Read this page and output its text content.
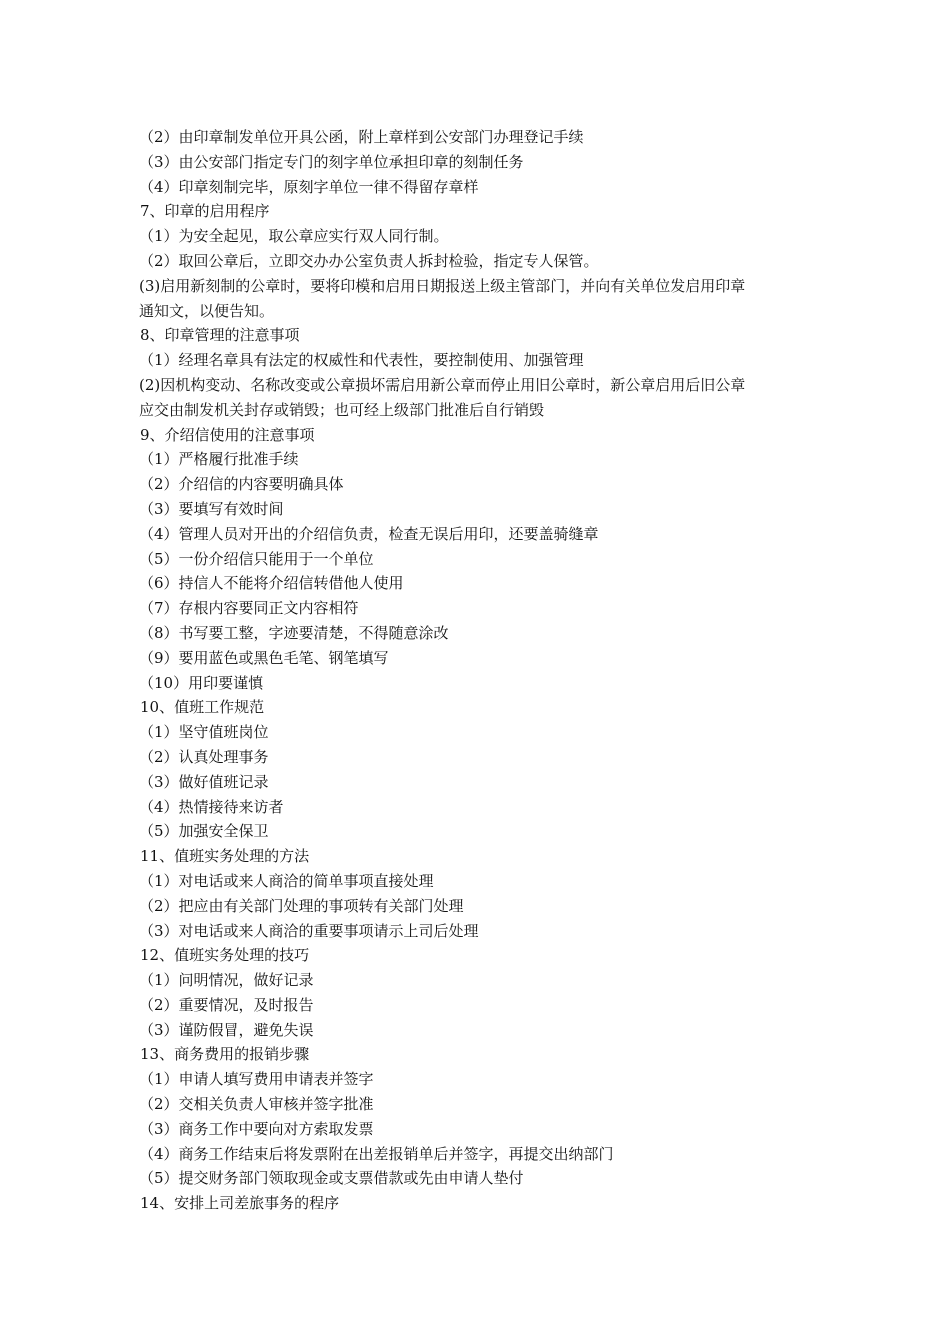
（2）由印章制发单位开具公函，附上章样到公安部门办理登记手续
（3）由公安部门指定专门的刻字单位承担印章的刻制任务
（4）印章刻制完毕，原刻字单位一律不得留存章样
7、印章的启用程序
（1）为安全起见，取公章应实行双人同行制。
（2）取回公章后，立即交办办公室负责人拆封检验，指定专人保管。
(3)启用新刻制的公章时，要将印模和启用日期报送上级主管部门，并向有关单位发启用印章
通知文，以便告知。
8、印章管理的注意事项
（1）经理名章具有法定的权威性和代表性，要控制使用、加强管理
(2)因机构变动、名称改变或公章损坏需启用新公章而停止用旧公章时，新公章启用后旧公章
应交由制发机关封存或销毁；也可经上级部门批准后自行销毁
9、介绍信使用的注意事项
（1）严格履行批准手续
（2）介绍信的内容要明确具体
（3）要填写有效时间
（4）管理人员对开出的介绍信负责，检查无误后用印，还要盖骑缝章
（5）一份介绍信只能用于一个单位
（6）持信人不能将介绍信转借他人使用
（7）存根内容要同正文内容相符
（8）书写要工整，字迹要清楚，不得随意涂改
（9）要用蓝色或黑色毛笔、钢笔填写
（10）用印要谨慎
10、值班工作规范
（1）坚守值班岗位
（2）认真处理事务
（3）做好值班记录
（4）热情接待来访者
（5）加强安全保卫
11、值班实务处理的方法
（1）对电话或来人商洽的简单事项直接处理
（2）把应由有关部门处理的事项转有关部门处理
（3）对电话或来人商洽的重要事项请示上司后处理
12、值班实务处理的技巧
（1）问明情况，做好记录
（2）重要情况，及时报告
（3）谨防假冒，避免失误
13、商务费用的报销步骤
（1）申请人填写费用申请表并签字
（2）交相关负责人审核并签字批准
（3）商务工作中要向对方索取发票
（4）商务工作结束后将发票附在出差报销单后并签字，再提交出纳部门
（5）提交财务部门领取现金或支票借款或先由申请人垫付
14、安排上司差旅事务的程序
